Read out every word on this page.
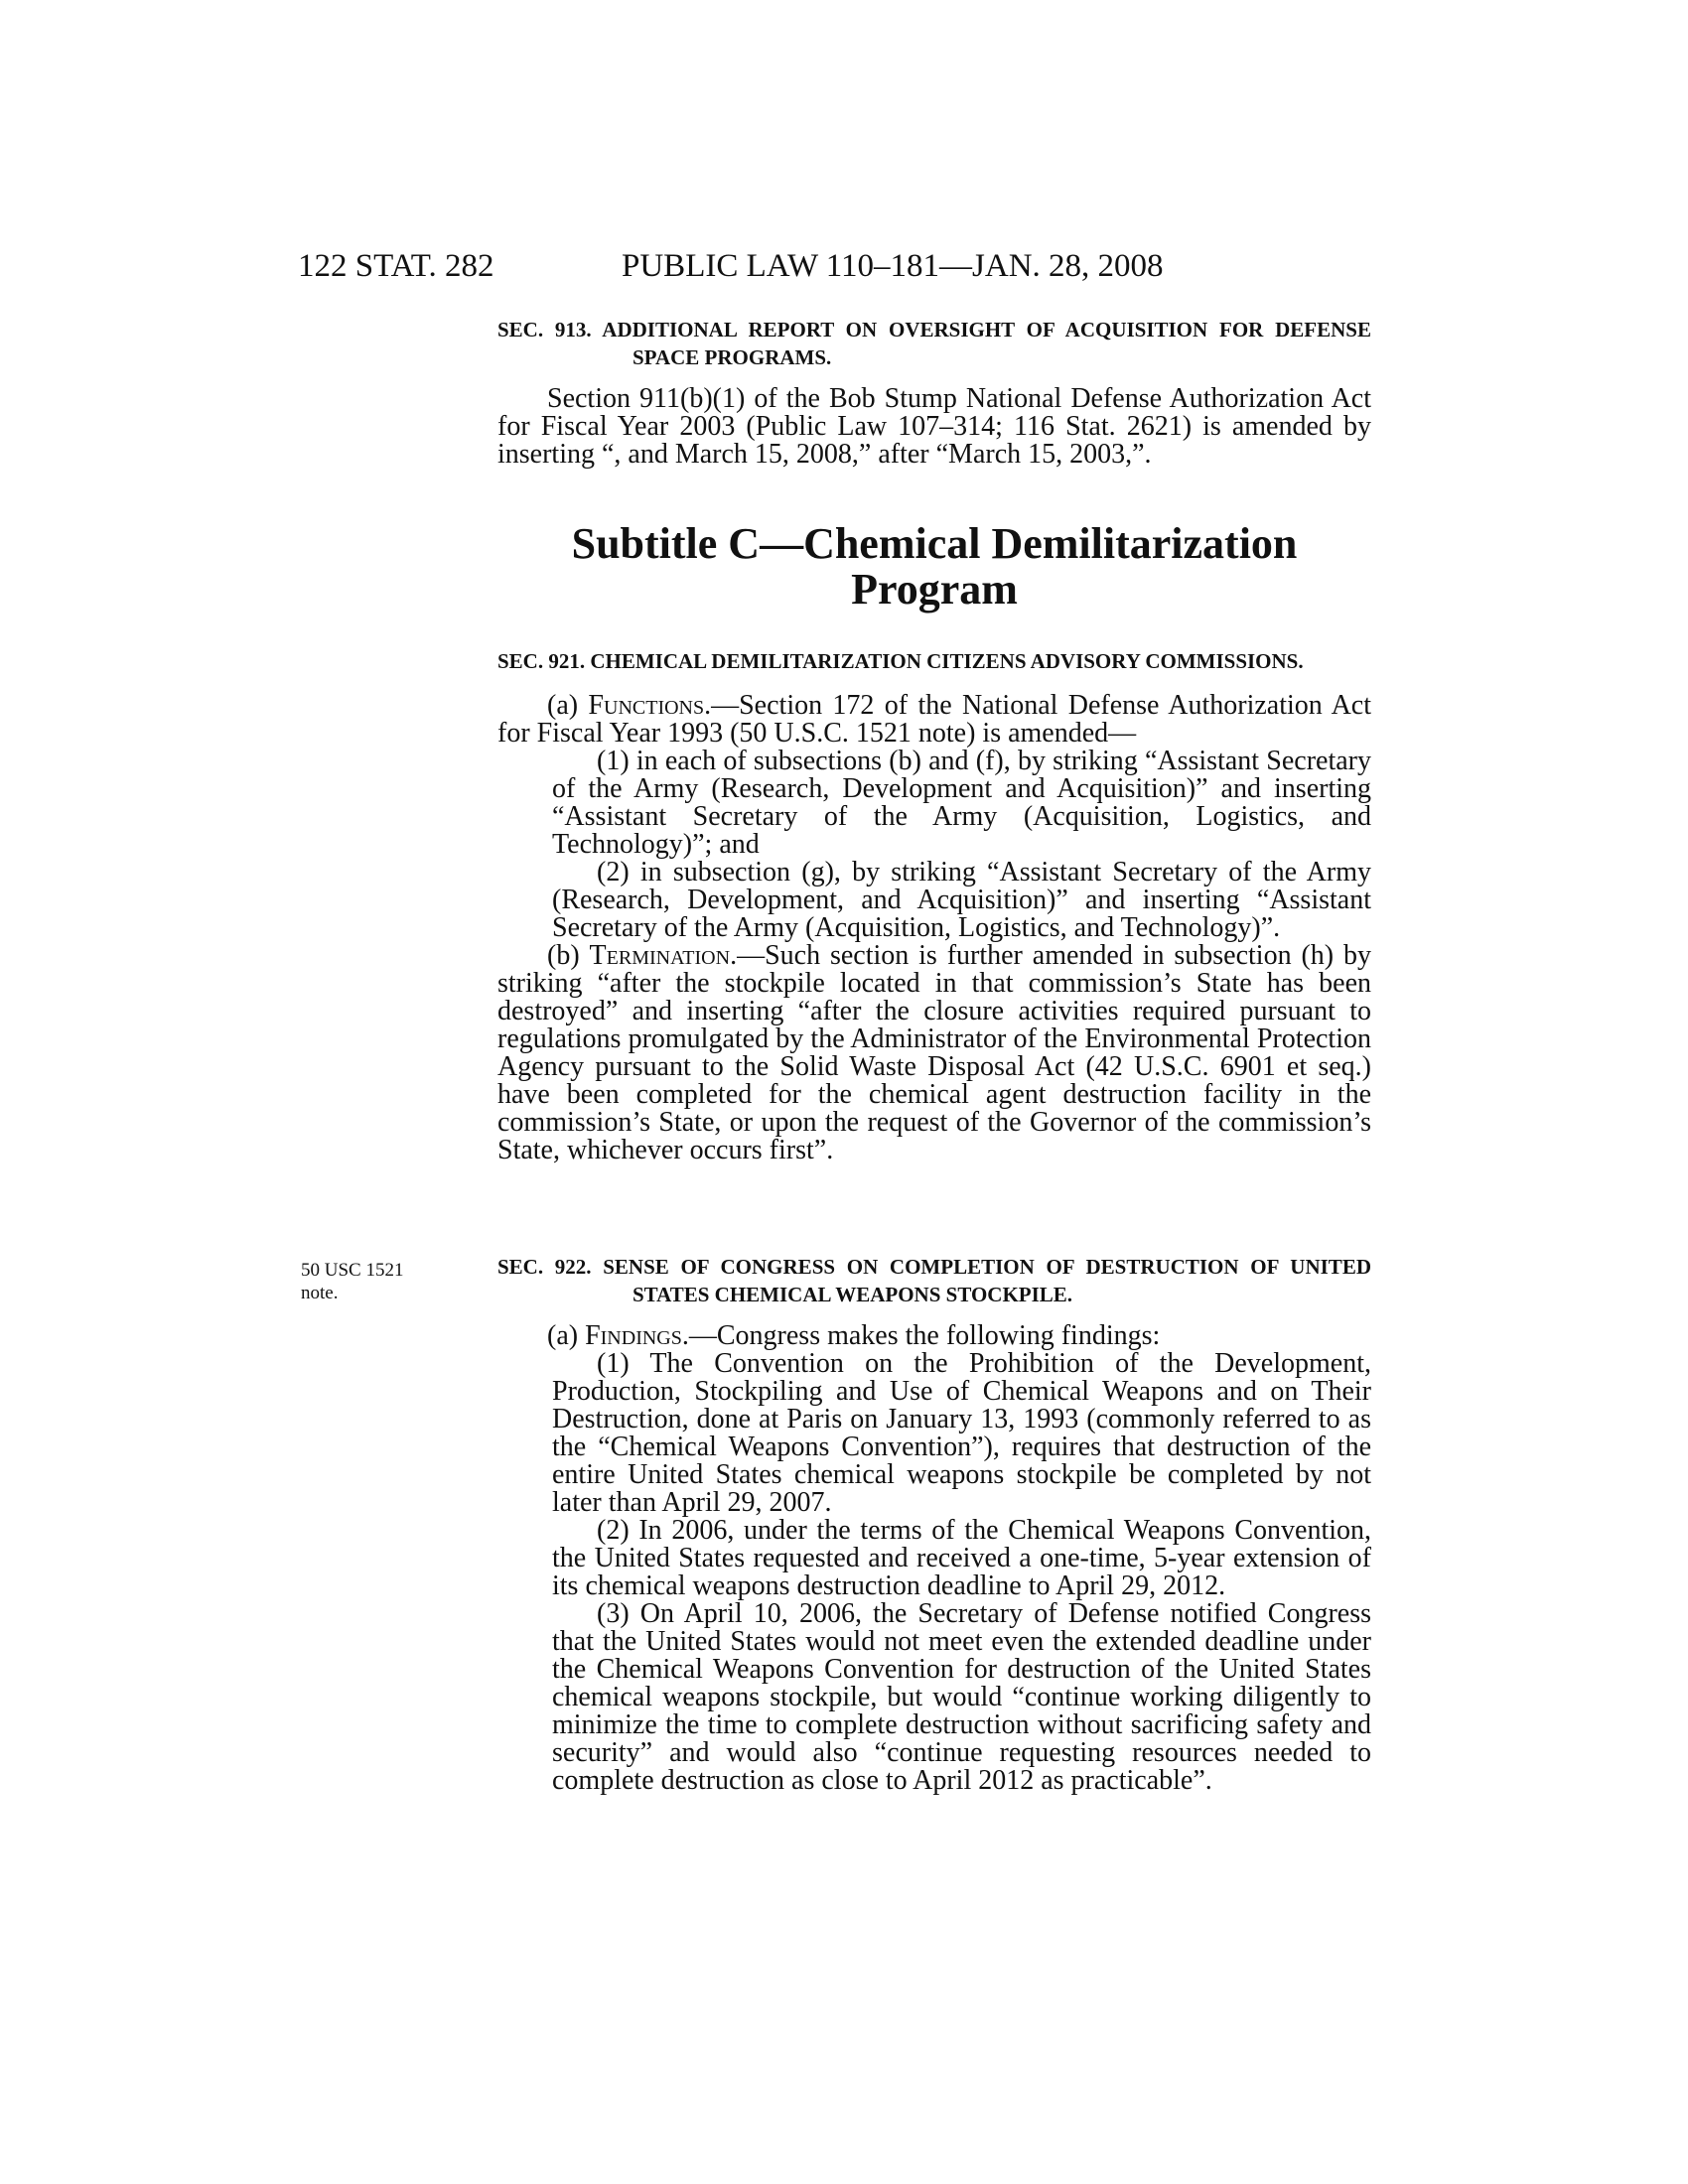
122 STAT. 282	PUBLIC LAW 110–181—JAN. 28, 2008

SEC. 913. ADDITIONAL REPORT ON OVERSIGHT OF ACQUISITION FOR DEFENSE SPACE PROGRAMS.

Section 911(b)(1) of the Bob Stump National Defense Authorization Act for Fiscal Year 2003 (Public Law 107–314; 116 Stat. 2621) is amended by inserting “, and March 15, 2008,” after “March 15, 2003,”.

Subtitle C—Chemical Demilitarization
Program

SEC. 921. CHEMICAL DEMILITARIZATION CITIZENS ADVISORY COMMISSIONS.

(a) Functions.—Section 172 of the National Defense Authorization Act for Fiscal Year 1993 (50 U.S.C. 1521 note) is amended—

(1) in each of subsections (b) and (f), by striking “Assistant Secretary of the Army (Research, Development and Acquisition)” and inserting “Assistant Secretary of the Army (Acquisition, Logistics, and Technology)”; and

(2) in subsection (g), by striking “Assistant Secretary of the Army (Research, Development, and Acquisition)” and inserting “Assistant Secretary of the Army (Acquisition, Logistics, and Technology)”.

(b) Termination.—Such section is further amended in subsection (h) by striking “after the stockpile located in that commission’s State has been destroyed” and inserting “after the closure activities required pursuant to regulations promulgated by the Administrator of the Environmental Protection Agency pursuant to the Solid Waste Disposal Act (42 U.S.C. 6901 et seq.) have been completed for the chemical agent destruction facility in the commission’s State, or upon the request of the Governor of the commission’s State, whichever occurs first”.

50 USC 1521
note.

SEC. 922. SENSE OF CONGRESS ON COMPLETION OF DESTRUCTION OF UNITED STATES CHEMICAL WEAPONS STOCKPILE.

(a) Findings.—Congress makes the following findings:

(1) The Convention on the Prohibition of the Development, Production, Stockpiling and Use of Chemical Weapons and on Their Destruction, done at Paris on January 13, 1993 (commonly referred to as the “Chemical Weapons Convention”), requires that destruction of the entire United States chemical weapons stockpile be completed by not later than April 29, 2007.

(2) In 2006, under the terms of the Chemical Weapons Convention, the United States requested and received a one-time, 5-year extension of its chemical weapons destruction deadline to April 29, 2012.

(3) On April 10, 2006, the Secretary of Defense notified Congress that the United States would not meet even the extended deadline under the Chemical Weapons Convention for destruction of the United States chemical weapons stockpile, but would “continue working diligently to minimize the time to complete destruction without sacrificing safety and security” and would also “continue requesting resources needed to complete destruction as close to April 2012 as practicable”.
